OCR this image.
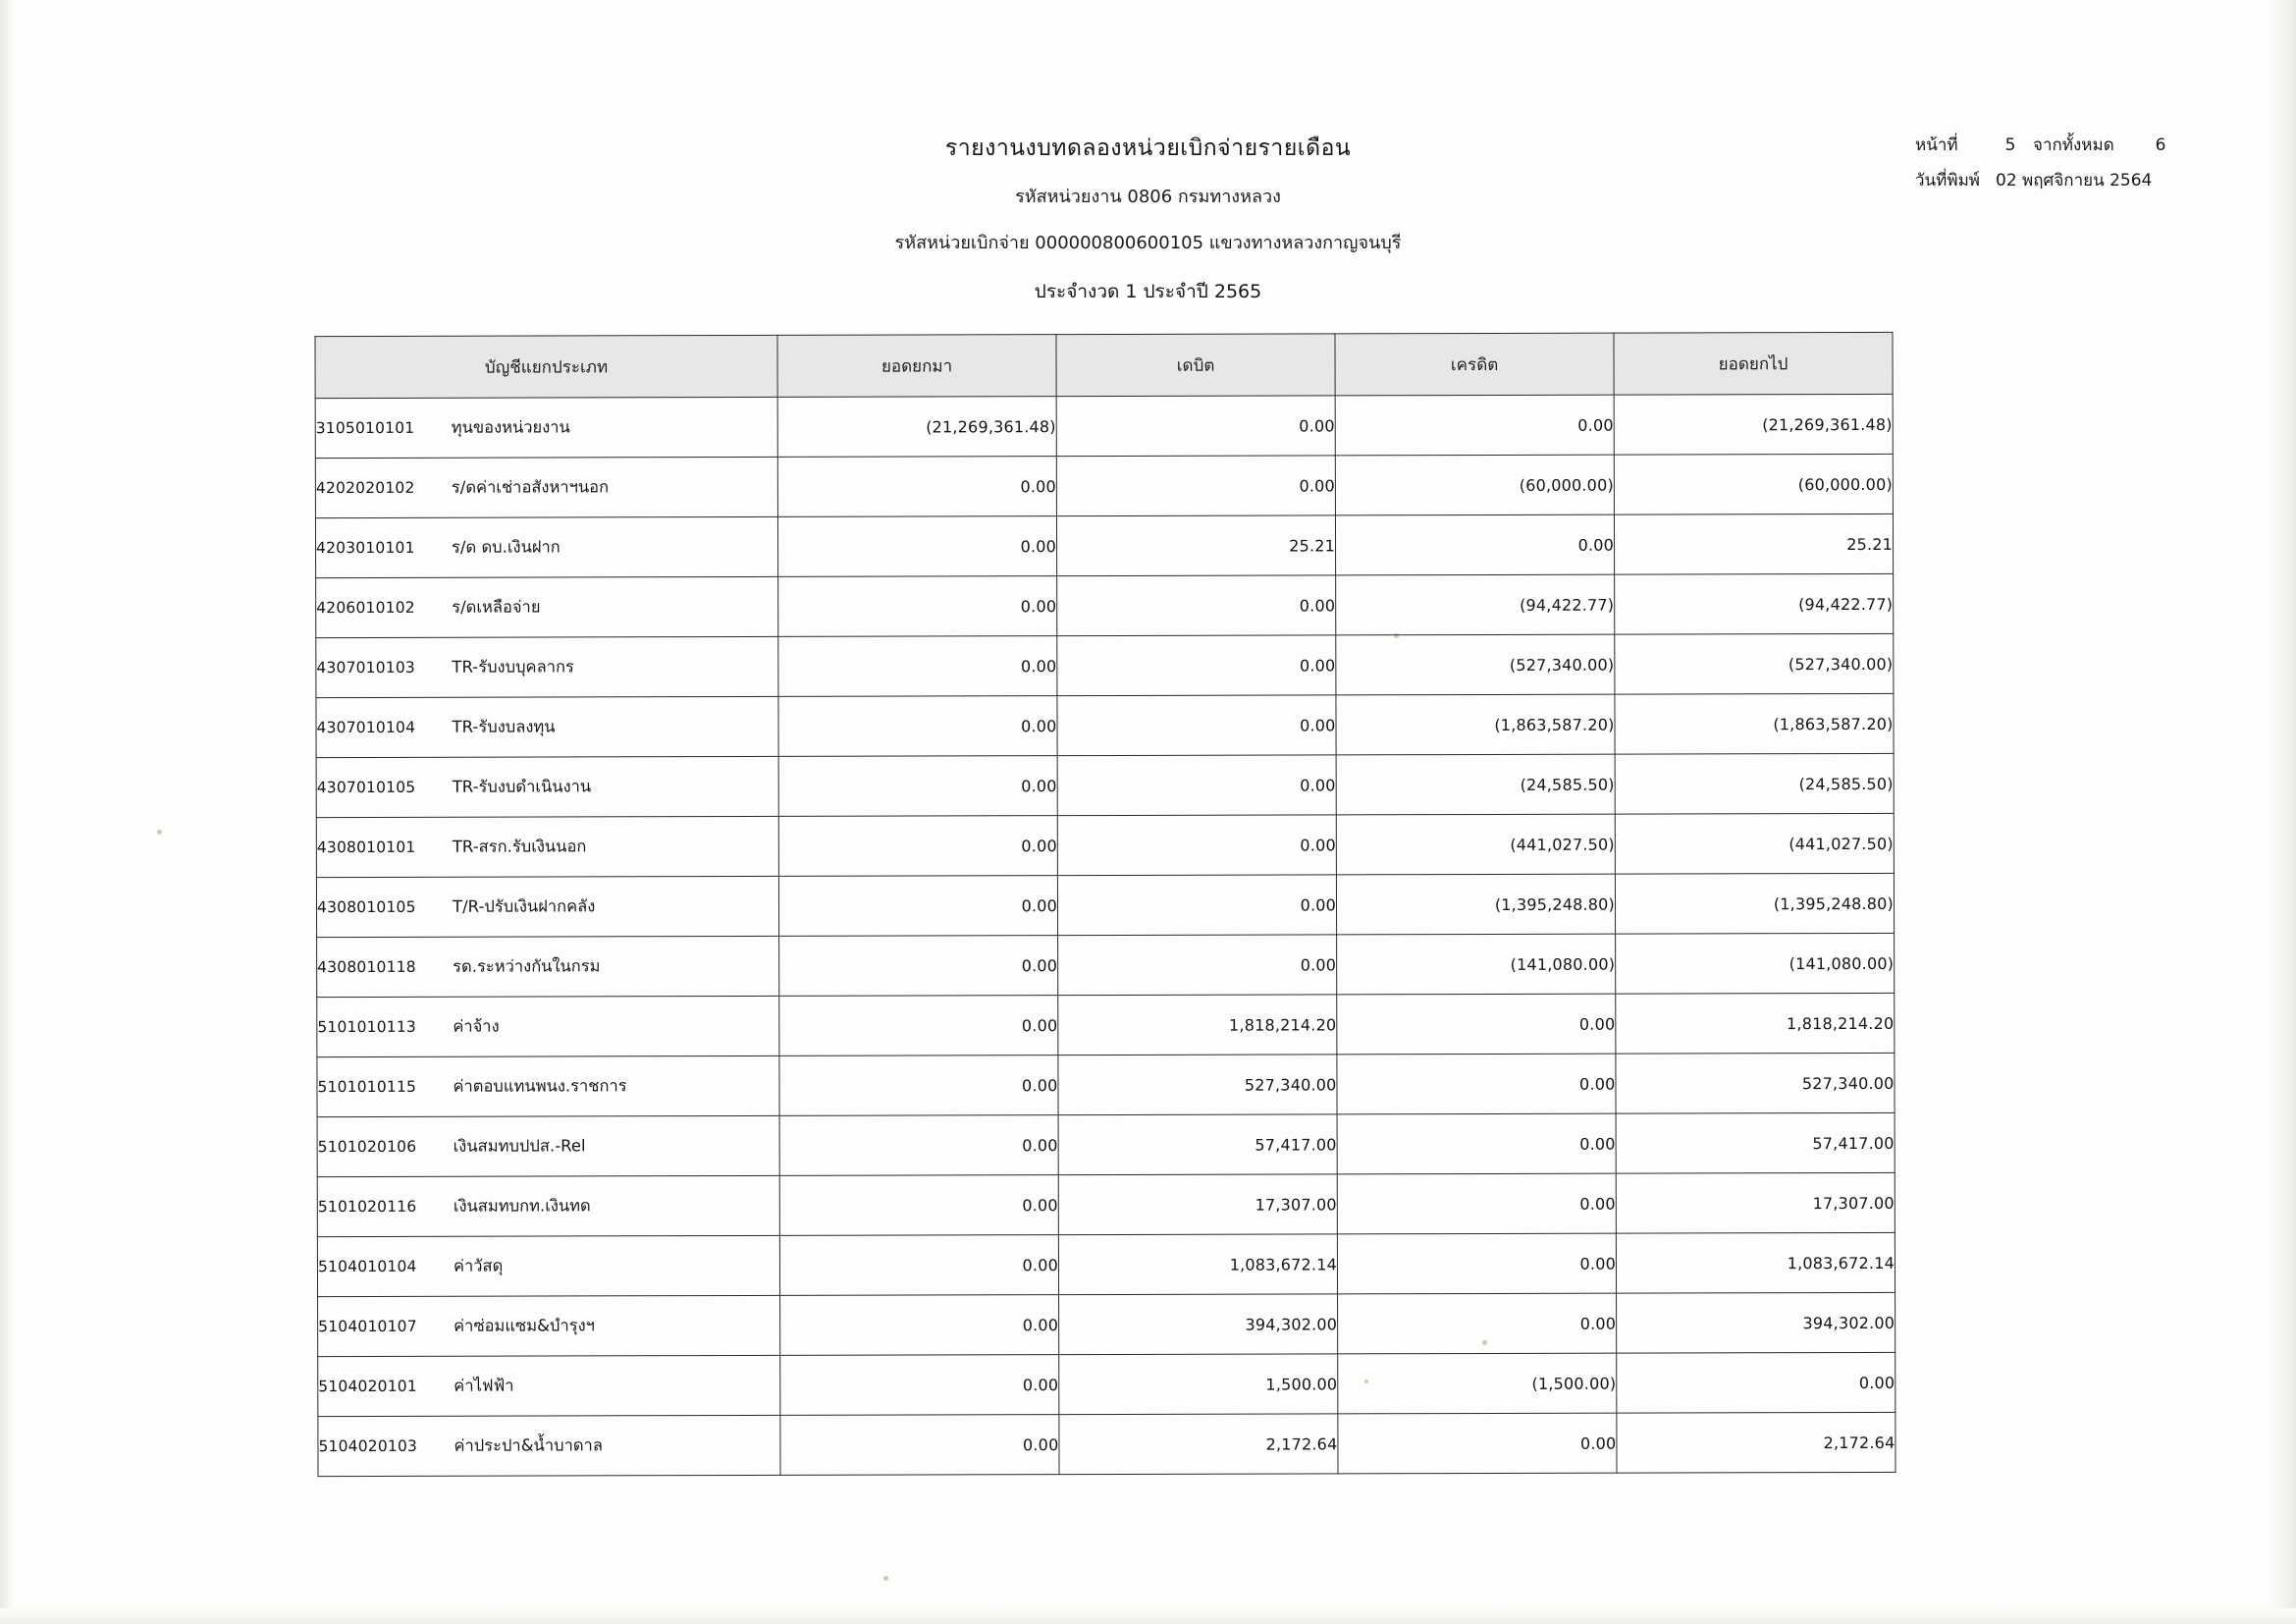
รายงานงบทดลองหน่วยเบิกจ่ายรายเดือน
รหัสหน่วยงาน 0806 กรมทางหลวง
รหัสหน่วยเบิกจ่าย 000000800600105 แขวงทางหลวงกาญจนบุรี
ประจำงวด 1 ประจำปี 2565
หน้าที่	5 จากทั้งหมด 6
วันที่พิมพ์ 02 พฤศจิกายน 2564
บัญชีแยกประเภท	ยอดยกมา	เดบิต	เครดิต	ยอดยกไป

3105010101 ทุนของหน่วยงาน	(21,269,361.48)	0.00	0.00	(21,269,361.48)

4202020102 ร/ดค่าเช่าอสังหาฯนอก	0.00	0.00	(60,000.00)	(60,000.00)

4203010101 ร/ด ดบ.เงินฝาก	0.00	25.21	0.00	25.21

4206010102 ร/ดเหลือจ่าย	0.00	0.00	(94,422.77)	(94,422.77)

4307010103 TR-รับงบบุคลากร	0.00	0.00	(527,340.00)	(527,340.00)

4307010104 TR-รับงบลงทุน	0.00	0.00	(1,863,587.20)	(1,863,587.20)

4307010105 TR-รับงบดำเนินงาน	0.00	0.00	(24,585.50)	(24,585.50)

4308010101 TR-สรก.รับเงินนอก	0.00	0.00	(441,027.50)	(441,027.50)

4308010105 T/R-ปรับเงินฝากคลัง	0.00	0.00	(1,395,248.80)	(1,395,248.80)

4308010118 รด.ระหว่างกันในกรม	0.00	0.00	(141,080.00)	(141,080.00)

5101010113 ค่าจ้าง	0.00	1,818,214.20	0.00	1,818,214.20

5101010115 ค่าตอบแทนพนง.ราชการ	0.00	527,340.00	0.00	527,340.00

5101020106 เงินสมทบปปส.-Rel	0.00	57,417.00	0.00	57,417.00

5101020116 เงินสมทบกท.เงินทด	0.00	17,307.00	0.00	17,307.00

5104010104 ค่าวัสดุ	0.00	1,083,672.14	0.00	1,083,672.14

5104010107 ค่าซ่อมแซม&บำรุงฯ	0.00	394,302.00	0.00	394,302.00

5104020101 ค่าไฟฟ้า	0.00	1,500.00	(1,500.00)	0.00

5104020103 ค่าประปา&น้ำบาดาล	0.00	2,172.64	0.00	2,172.64
